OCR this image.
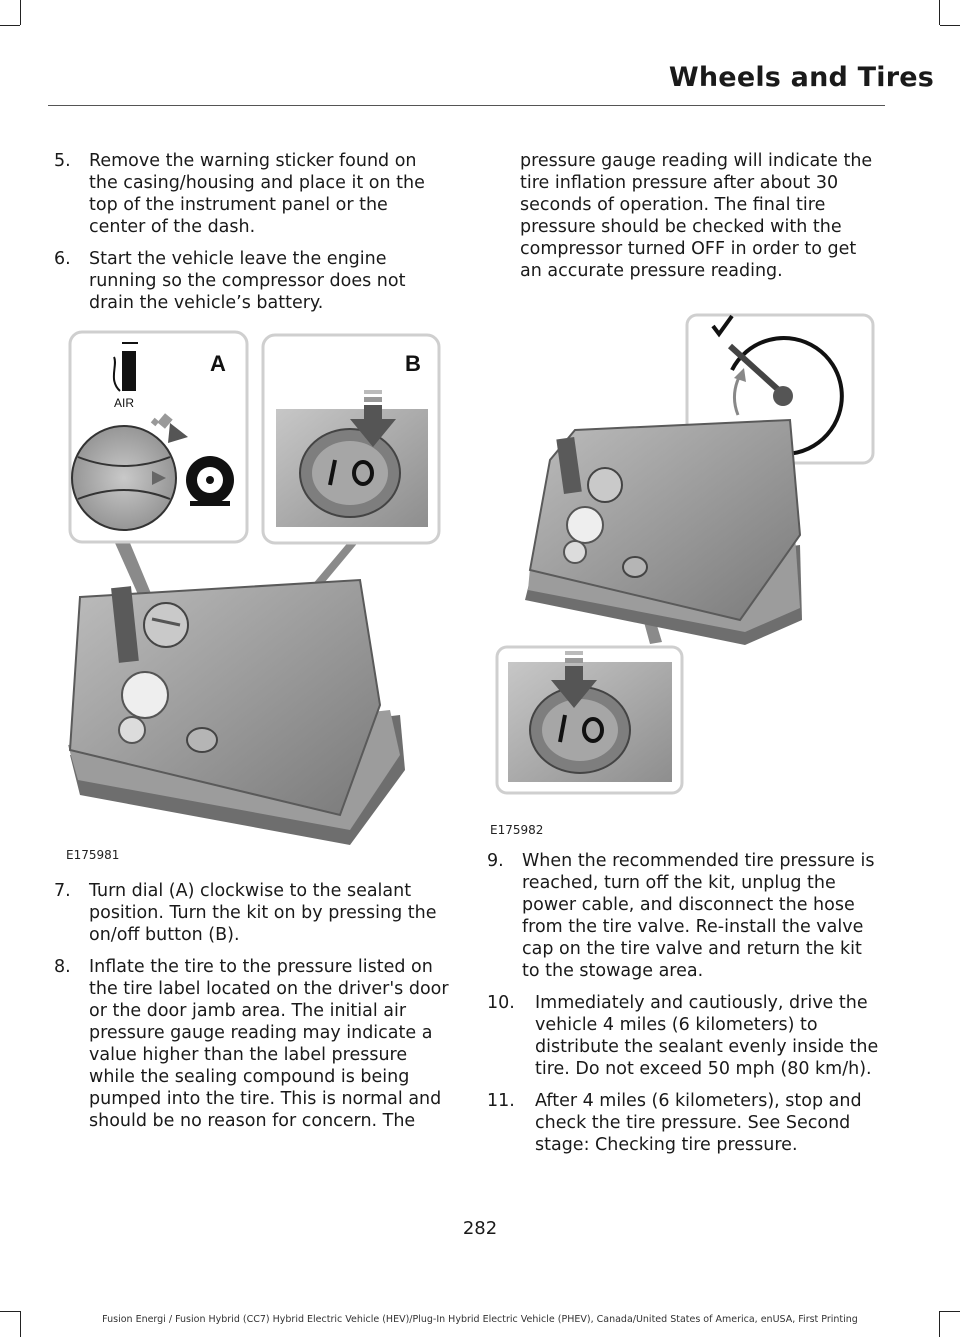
Wheels and Tires
5. Remove the warning sticker found on the casing/housing and place it on the top of the instrument panel or the center of the dash.
6. Start the vehicle leave the engine running so the compressor does not drain the vehicle’s battery.
AIR
A	B
E175981
7. Turn dial (A) clockwise to the sealant position. Turn the kit on by pressing the on/off button (B).
8. Inflate the tire to the pressure listed on the tire label located on the driver's door or the door jamb area. The initial air pressure gauge reading may indicate a value higher than the label pressure while the sealing compound is being pumped into the tire. This is normal and should be no reason for concern. The

pressure gauge reading will indicate the tire inflation pressure after about 30 seconds of operation. The final tire pressure should be checked with the compressor turned OFF in order to get an accurate pressure reading.

E175982
9. When the recommended tire pressure is reached, turn off the kit, unplug the power cable, and disconnect the hose from the tire valve. Re-install the valve cap on the tire valve and return the kit to the stowage area.
10. Immediately and cautiously, drive the vehicle 4 miles (6 kilometers) to distribute the sealant evenly inside the tire. Do not exceed 50 mph (80 km/h).
11. After 4 miles (6 kilometers), stop and check the tire pressure. See Second stage: Checking tire pressure.
282
Fusion Energi / Fusion Hybrid (CC7) Hybrid Electric Vehicle (HEV)/Plug-In Hybrid Electric Vehicle (PHEV), Canada/United States of America, enUSA, First Printing
